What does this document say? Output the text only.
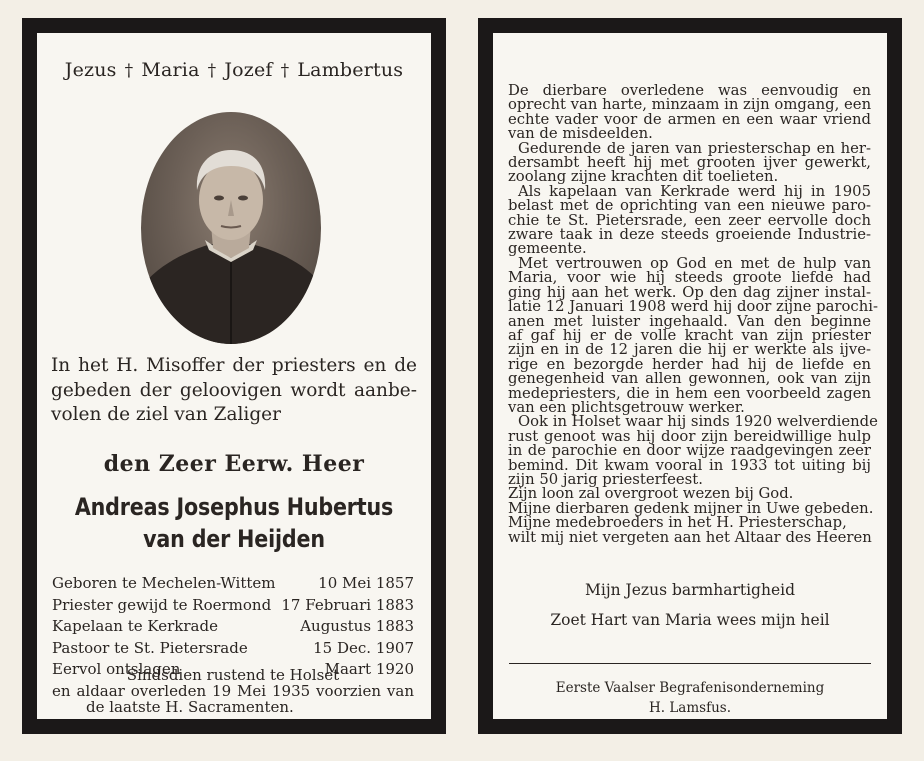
Jezus † Maria † Jozef † Lambertus
In het H. Misoffer der priesters en de
gebeden der geloovigen wordt aanbe-
volen de ziel van Zaliger
den Zeer Eerw. Heer
Andreas Josephus Hubertus
van der Heijden
Geboren te Mechelen-Wittem	10 Mei 1857
Priester gewijd te Roermond 17 Februari 1883
Kapelaan te Kerkrade	Augustus 1883
Pastoor te St. Pietersrade	15 Dec. 1907
Eervol ontslagen	Maart 1920
Sindsdien rustend te Holset
en aldaar overleden 19 Mei 1935 voorzien van
de laatste H. Sacramenten.
De dierbare overledene was eenvoudig en
oprecht van harte, minzaam in zijn omgang, een
echte vader voor de armen en een waar vriend
van de misdeelden.
Gedurende de jaren van priesterschap en her-
dersambt heeft hij met grooten ijver gewerkt,
zoolang zijne krachten dit toelieten.
Als kapelaan van Kerkrade werd hij in 1905
belast met de oprichting van een nieuwe paro-
chie te St. Pietersrade, een zeer eervolle doch
zware taak in deze steeds groeiende Industrie-
gemeente.
Met vertrouwen op God en met de hulp van
Maria, voor wie hij steeds groote liefde had
ging hij aan het werk. Op den dag zijner instal-
latie 12 Januari 1908 werd hij door zijne parochi-
anen met luister ingehaald. Van den beginne
af gaf hij er de volle kracht van zijn priester
zijn en in de 12 jaren die hij er werkte als ijve-
rige en bezorgde herder had hij de liefde en
genegenheid van allen gewonnen, ook van zijn
medepriesters, die in hem een voorbeeld zagen
van een plichtsgetrouw werker.
Ook in Holset waar hij sinds 1920 welverdiende
rust genoot was hij door zijn bereidwillige hulp
in de parochie en door wijze raadgevingen zeer
bemind. Dit kwam vooral in 1933 tot uiting bij
zijn 50 jarig priesterfeest.
Zijn loon zal overgroot wezen bij God.
Mijne dierbaren gedenk mijner in Uwe gebeden.
Mijne medebroeders in het H. Priesterschap,
wilt mij niet vergeten aan het Altaar des Heeren
Mijn Jezus barmhartigheid
Zoet Hart van Maria wees mijn heil
Eerste Vaalser Begrafenisonderneming
H. Lamsfus.
